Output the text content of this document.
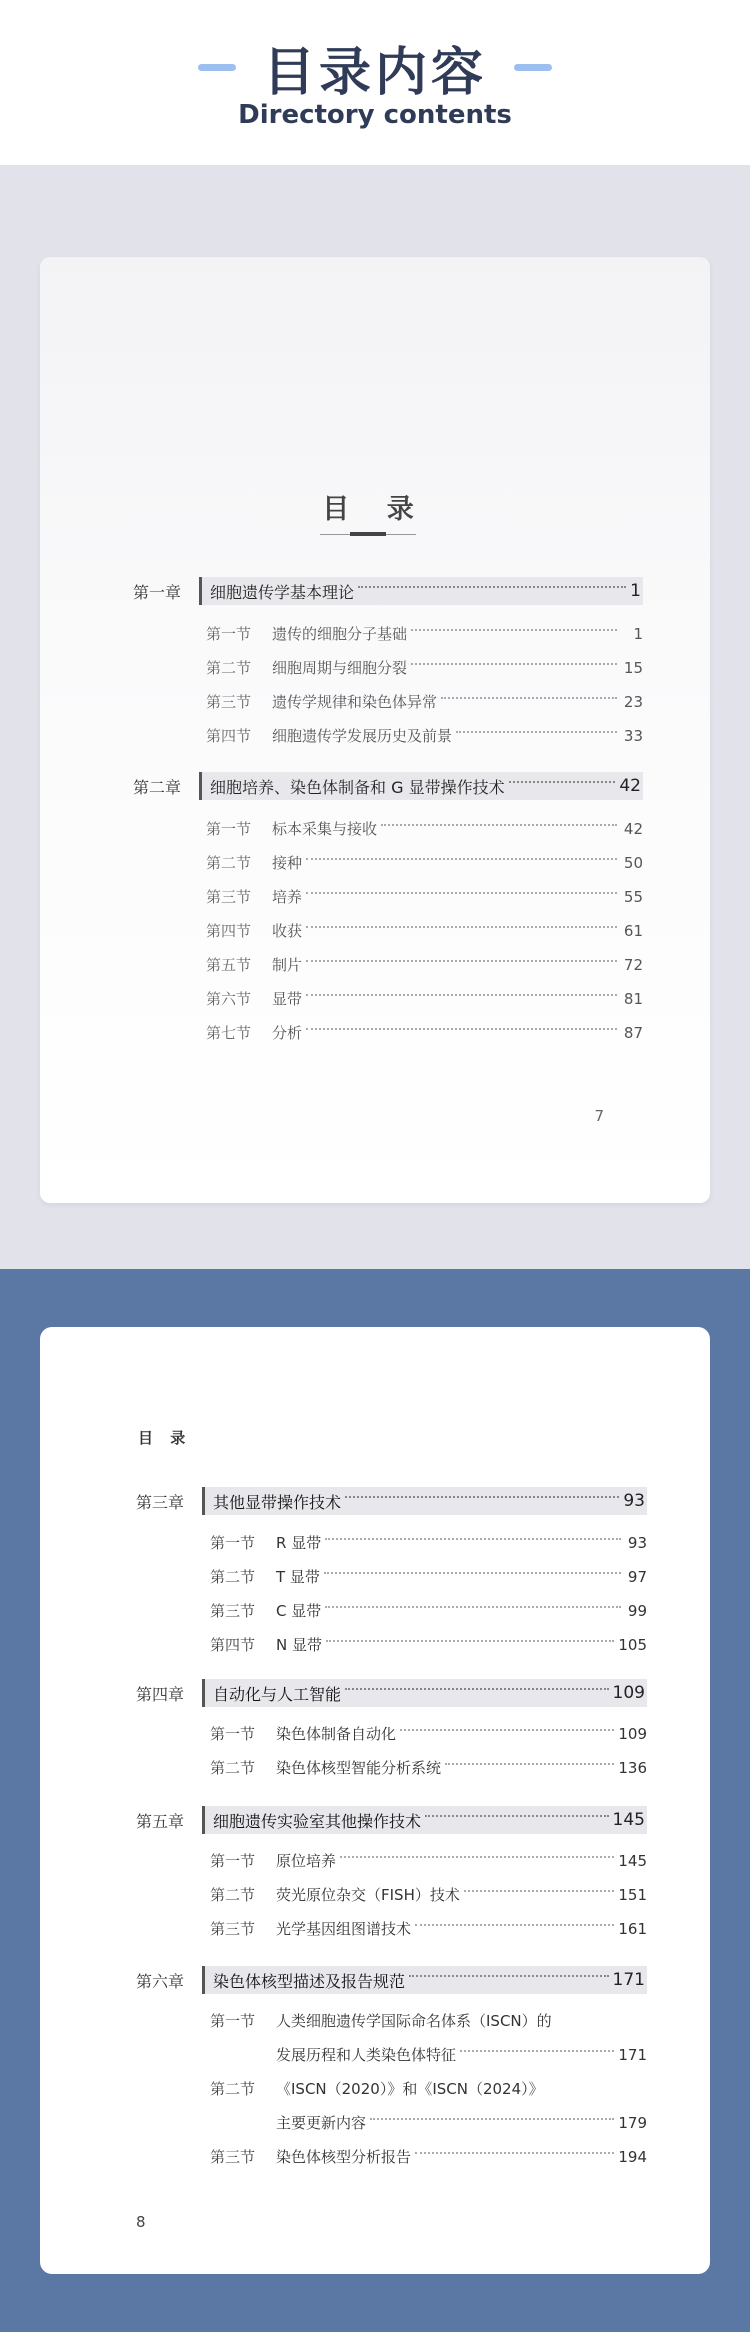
目录内容
Directory contents
目 录
第一章	细胞遗传学基本理论	1
第一节	遗传的细胞分子基础	1
第二节	细胞周期与细胞分裂	15
第三节	遗传学规律和染色体异常	23
第四节	细胞遗传学发展历史及前景	33
第二章	细胞培养、染色体制备和 G 显带操作技术	42
第一节	标本采集与接收	42
第二节	接种	50
第三节	培养	55
第四节	收获	61
第五节	制片	72
第六节	显带	81
第七节	分析	87
7
目 录
8
第三章	其他显带操作技术	93
第一节	R 显带	93
第二节	T 显带	97
第三节	C 显带	99
第四节	N 显带	105
第四章	自动化与人工智能	109
第一节	染色体制备自动化	109
第二节	染色体核型智能分析系统	136
第五章	细胞遗传实验室其他操作技术	145
第一节	原位培养	145
第二节	荧光原位杂交（FISH）技术	151
第三节	光学基因组图谱技术	161
第六章	染色体核型描述及报告规范	171
第一节	人类细胞遗传学国际命名体系（ISCN）的
发展历程和人类染色体特征	171
第二节	《ISCN（2020）》和《ISCN（2024）》
主要更新内容	179
第三节	染色体核型分析报告	194
